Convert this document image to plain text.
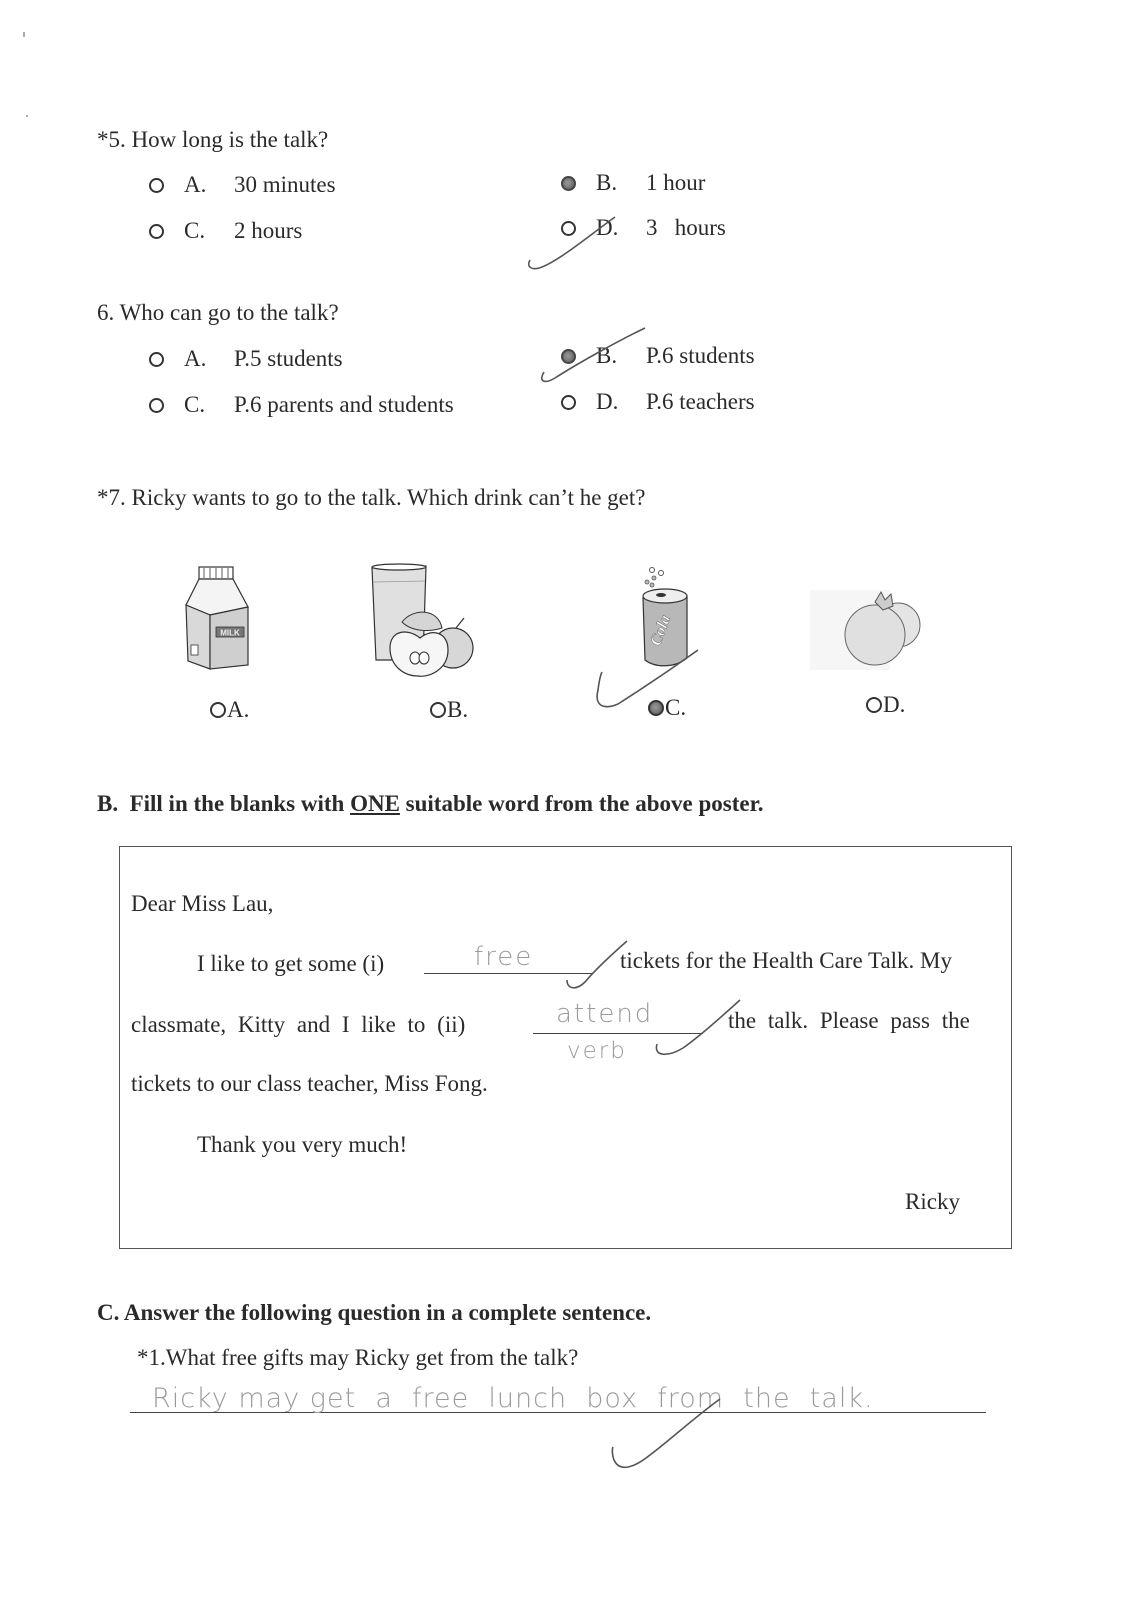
*5. How long is the talk?
A.	30 minutes	B.	1 hour
C.	2 hours	D.	3   hours
6. Who can go to the talk?
A.	P.5 students	B.	P.6 students
C.	P.6 parents and students	D.	P.6 teachers
*7. Ricky wants to go to the talk. Which drink can’t he get?
MILK
A.	B.
Cola
C.	D.
B.  Fill in the blanks with ONE suitable word from the above poster.
Dear Miss Lau,
I like to get some (i)	free	tickets for the Health Care Talk. My
classmate, Kitty and I like to (ii)	attend
verb
the talk. Please pass the
tickets to our class teacher, Miss Fong.
Thank you very much!
Ricky
C. Answer the following question in a complete sentence.
*1.What free gifts may Ricky get from the talk?
Ricky may get  a  free  lunch  box  from  the  talk.
